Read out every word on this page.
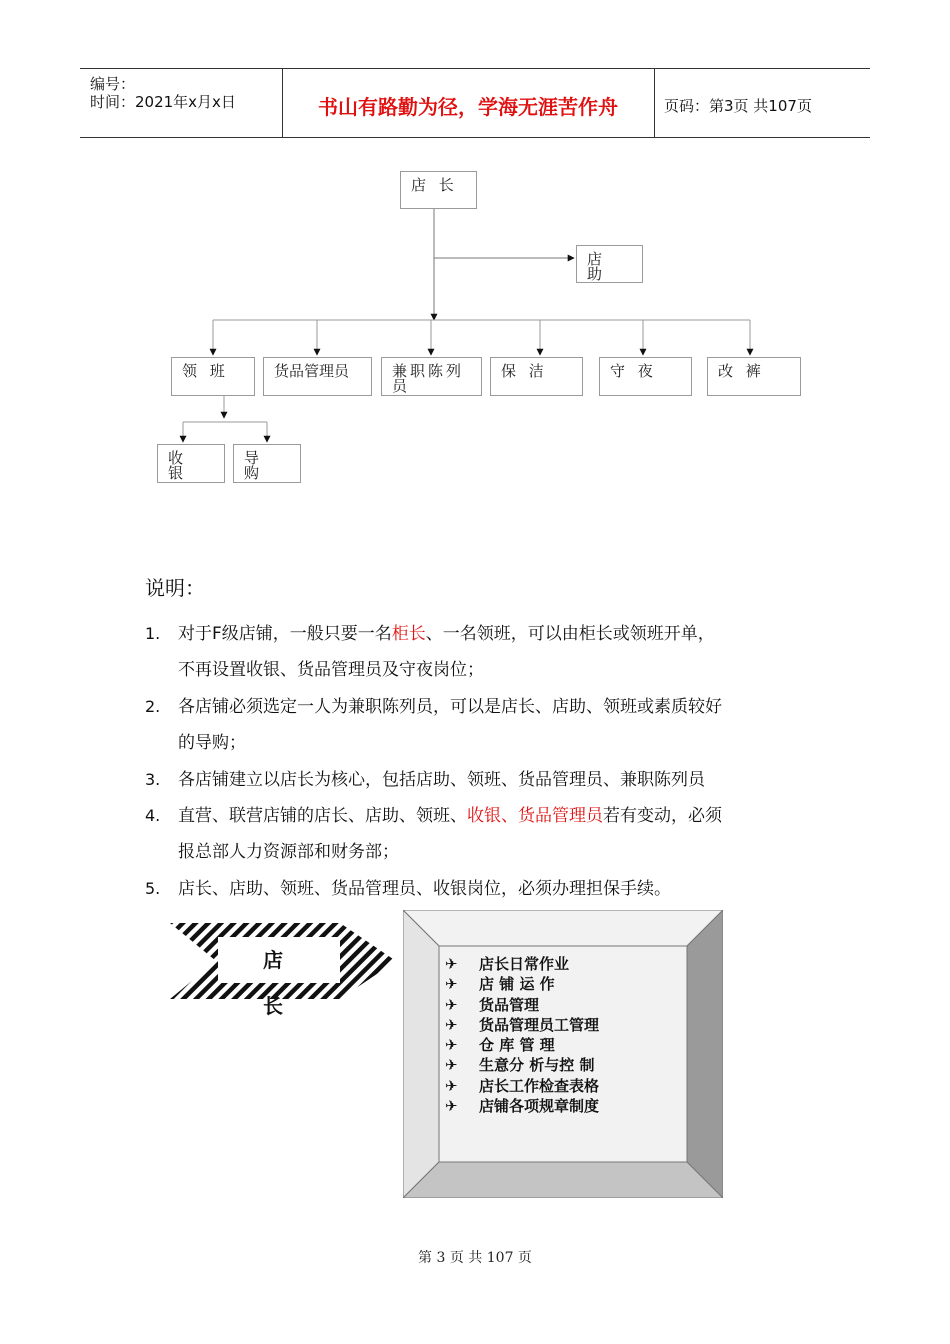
编号：
时间：2021年x月x日	书山有路勤为径，学海无涯苦作舟	页码：第3页 共107页
店 长
店 助
领 班	货品管理员	兼职陈列员
保 洁	守 夜	改 裤
收 银
导 购
说明：
1.	对于F级店铺，一般只要一名柜长、一名领班，可以由柜长或领班开单，
不再设置收银、货品管理员及守夜岗位；
2.	各店铺必须选定一人为兼职陈列员，可以是店长、店助、领班或素质较好
的导购；
3.	各店铺建立以店长为核心，包括店助、领班、货品管理员、兼职陈列员
4.	直营、联营店铺的店长、店助、领班、收银、货品管理员若有变动，必须
报总部人力资源部和财务部；
5.	店长、店助、领班、货品管理员、收银岗位，必须办理担保手续。
店 长
✈ 店长日常作业
✈ 店 铺 运 作
✈ 货品管理
✈ 货品管理员工管理
✈ 仓 库 管 理
✈ 生意分 析与控 制
✈ 店长工作检查表格
✈ 店铺各项规章制度
第 3 页 共 107 页
